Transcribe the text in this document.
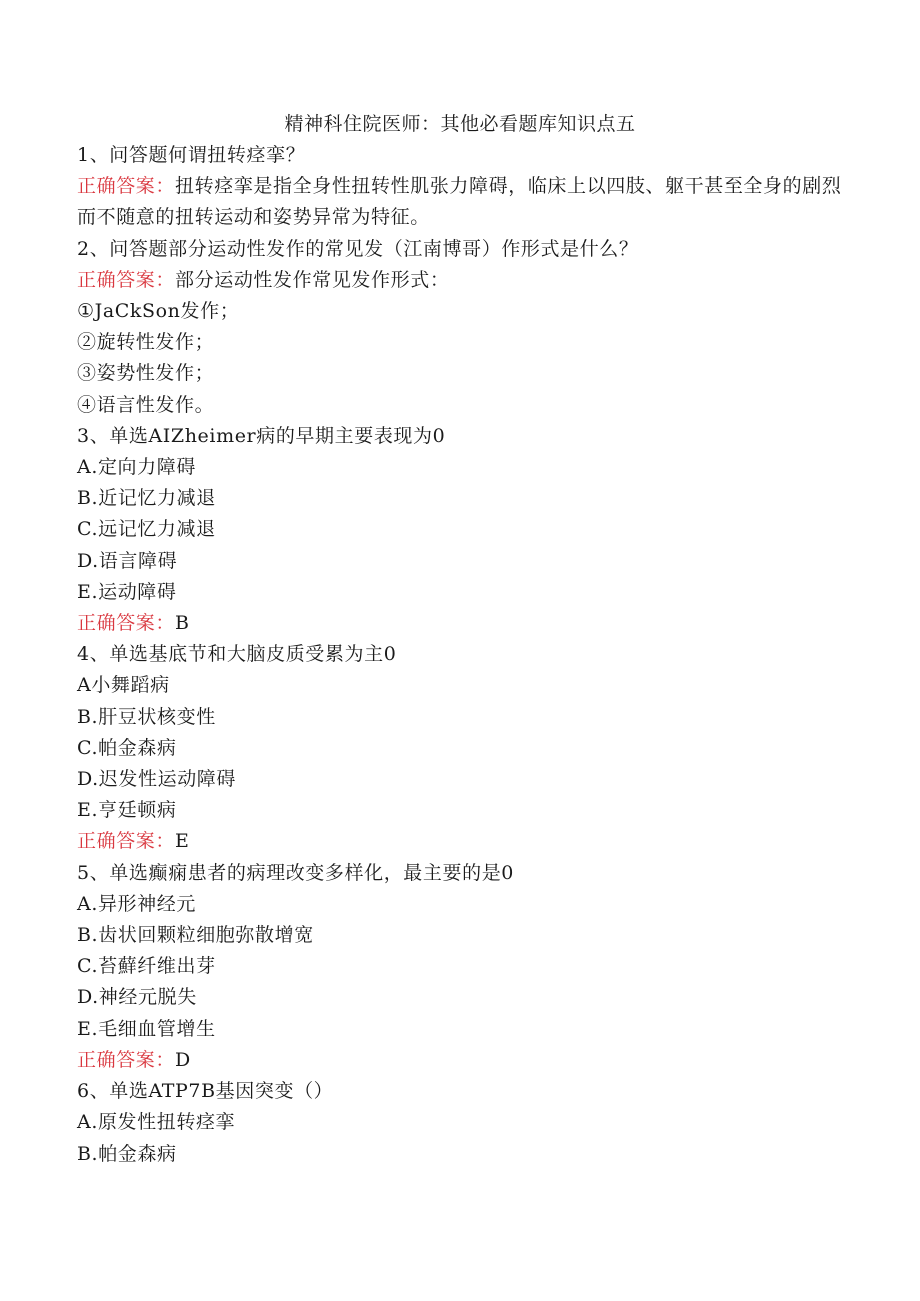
精神科住院医师：其他必看题库知识点五
1、问答题何谓扭转痉挛？
正确答案：扭转痉挛是指全身性扭转性肌张力障碍，临床上以四肢、躯干甚至全身的剧烈而不随意的扭转运动和姿势异常为特征。
2、问答题部分运动性发作的常见发（江南博哥）作形式是什么？
正确答案：部分运动性发作常见发作形式：
①JaCkSon发作；
②旋转性发作；
③姿势性发作；
④语言性发作。
3、单选AIZheimer病的早期主要表现为0
A.定向力障碍
B.近记忆力减退
C.远记忆力减退
D.语言障碍
E.运动障碍
正确答案：B
4、单选基底节和大脑皮质受累为主0
A小舞蹈病
B.肝豆状核变性
C.帕金森病
D.迟发性运动障碍
E.亨廷顿病
正确答案：E
5、单选癫痫患者的病理改变多样化，最主要的是0
A.异形神经元
B.齿状回颗粒细胞弥散增宽
C.苔蘚纤维出芽
D.神经元脱失
E.毛细血管增生
正确答案：D
6、单选ATP7B基因突变（）
A.原发性扭转痉挛
B.帕金森病
